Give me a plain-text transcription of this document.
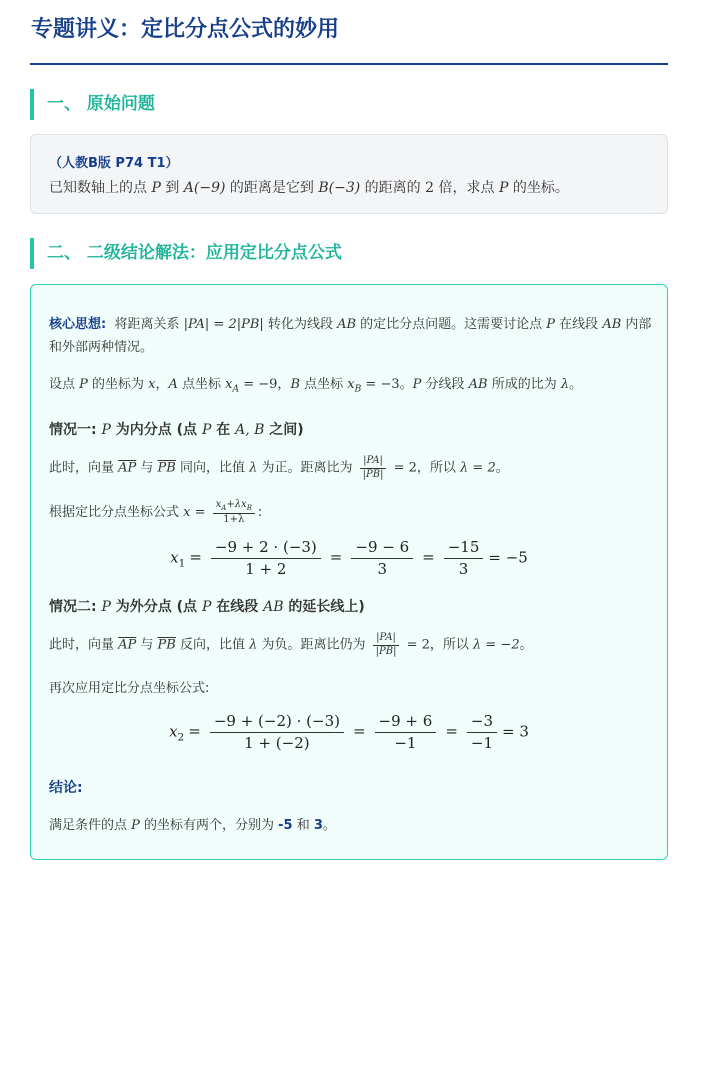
专题讲义：定比分点公式的妙用
一、 原始问题
（人教B版 P74 T1）
已知数轴上的点 P 到 A(−9) 的距离是它到 B(−3) 的距离的 2 倍，求点 P 的坐标。
二、 二级结论解法：应用定比分点公式

核心思想: 将距离关系 |PA| = 2|PB| 转化为线段 AB 的定比分点问题。这需要讨论点 P 在线段 AB 内部和外部两种情况。

设点 P 的坐标为 x，A 点坐标 $x_A = -9$，B 点坐标 $x_B = -3$。P 分线段 AB 所成的比为 λ。

情况一: P 为内分点 (点 P 在 A, B 之间)

此时，向量 $\overline{AP}$ 与 $\overline{PB}$ 同向，比值 λ 为正。距离比为 $\frac{|PA|}{|PB|} = 2$，所以 λ = 2。

根据定比分点坐标公式 $x = \frac{x_A+\lambda x_B}{1+\lambda}$ :

$x_1 = \frac{-9 + 2 \cdot (-3)}{1 + 2} = \frac{-9 - 6}{3} = \frac{-15}{3} = -5$
情况二: P 为外分点 (点 P 在线段 AB 的延长线上)

此时，向量 $\overline{AP}$ 与 $\overline{PB}$ 反向，比值 λ 为负。距离比仍为 $\frac{|PA|}{|PB|} = 2$，所以 λ = −2。

再次应用定比分点坐标公式:

$x_2 = \frac{-9 + (-2) \cdot (-3)}{1 + (-2)} = \frac{-9 + 6}{-1} = \frac{-3}{-1} = 3$
结论:

满足条件的点 P 的坐标有两个，分别为 -5 和 3。
